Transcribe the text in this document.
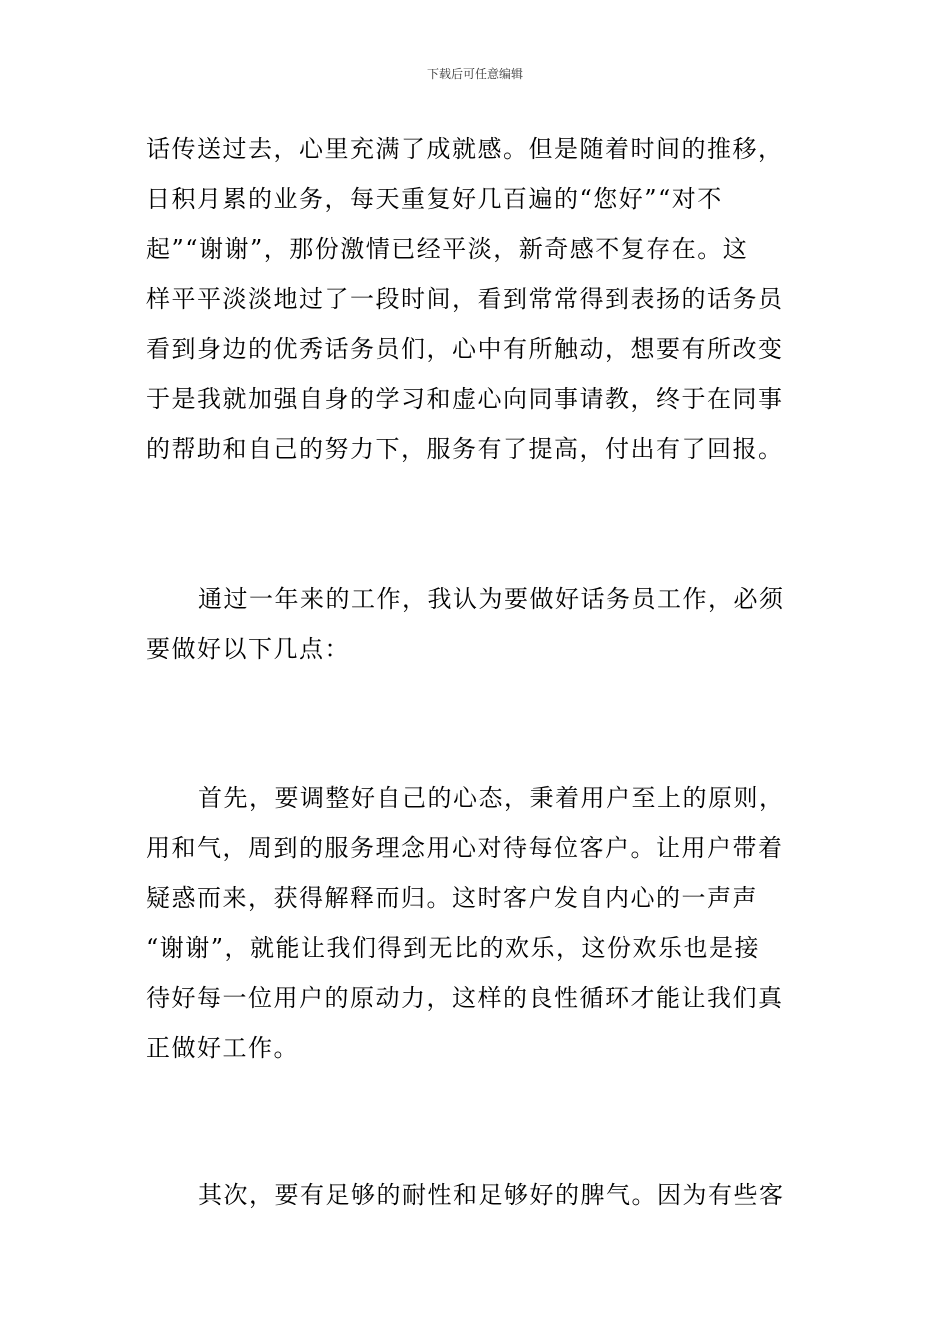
下载后可任意编辑
话传送过去，心里充满了成就感。但是随着时间的推移，
日积月累的业务，每天重复好几百遍的“您好”“对不
起”“谢谢”，那份激情已经平淡，新奇感不复存在。这
样平平淡淡地过了一段时间，看到常常得到表扬的话务员
看到身边的优秀话务员们，心中有所触动，想要有所改变
于是我就加强自身的学习和虚心向同事请教，终于在同事
的帮助和自己的努力下，服务有了提高，付出有了回报。
通过一年来的工作，我认为要做好话务员工作，必须
要做好以下几点：
首先，要调整好自己的心态，秉着用户至上的原则，
用和气，周到的服务理念用心对待每位客户。让用户带着
疑惑而来，获得解释而归。这时客户发自内心的一声声
“谢谢”，就能让我们得到无比的欢乐，这份欢乐也是接
待好每一位用户的原动力，这样的良性循环才能让我们真
正做好工作。
其次，要有足够的耐性和足够好的脾气。因为有些客
